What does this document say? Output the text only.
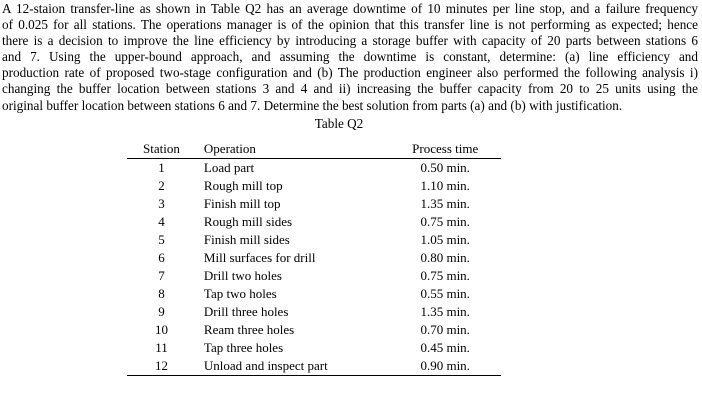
A 12-staion transfer-line as shown in Table Q2 has an average downtime of 10 minutes per line stop, and a failure frequency
of 0.025 for all stations. The operations manager is of the opinion that this transfer line is not performing as expected; hence
there is a decision to improve the line efficiency by introducing a storage buffer with capacity of 20 parts between stations 6
and 7. Using the upper-bound approach, and assuming the downtime is constant, determine: (a) line efficiency and
production rate of proposed two-stage configuration and (b) The production engineer also performed the following analysis i)
changing the buffer location between stations 3 and 4 and ii) increasing the buffer capacity from 20 to 25 units using the
original buffer location between stations 6 and 7. Determine the best solution from parts (a) and (b) with justification.
Table Q2
Station	Operation	Process time
1	Load part	0.50 min.
2	Rough mill top	1.10 min.
3	Finish mill top	1.35 min.
4	Rough mill sides	0.75 min.
5	Finish mill sides	1.05 min.
6	Mill surfaces for drill	0.80 min.
7	Drill two holes	0.75 min.
8	Tap two holes	0.55 min.
9	Drill three holes	1.35 min.
10	Ream three holes	0.70 min.
11	Tap three holes	0.45 min.
12	Unload and inspect part	0.90 min.
